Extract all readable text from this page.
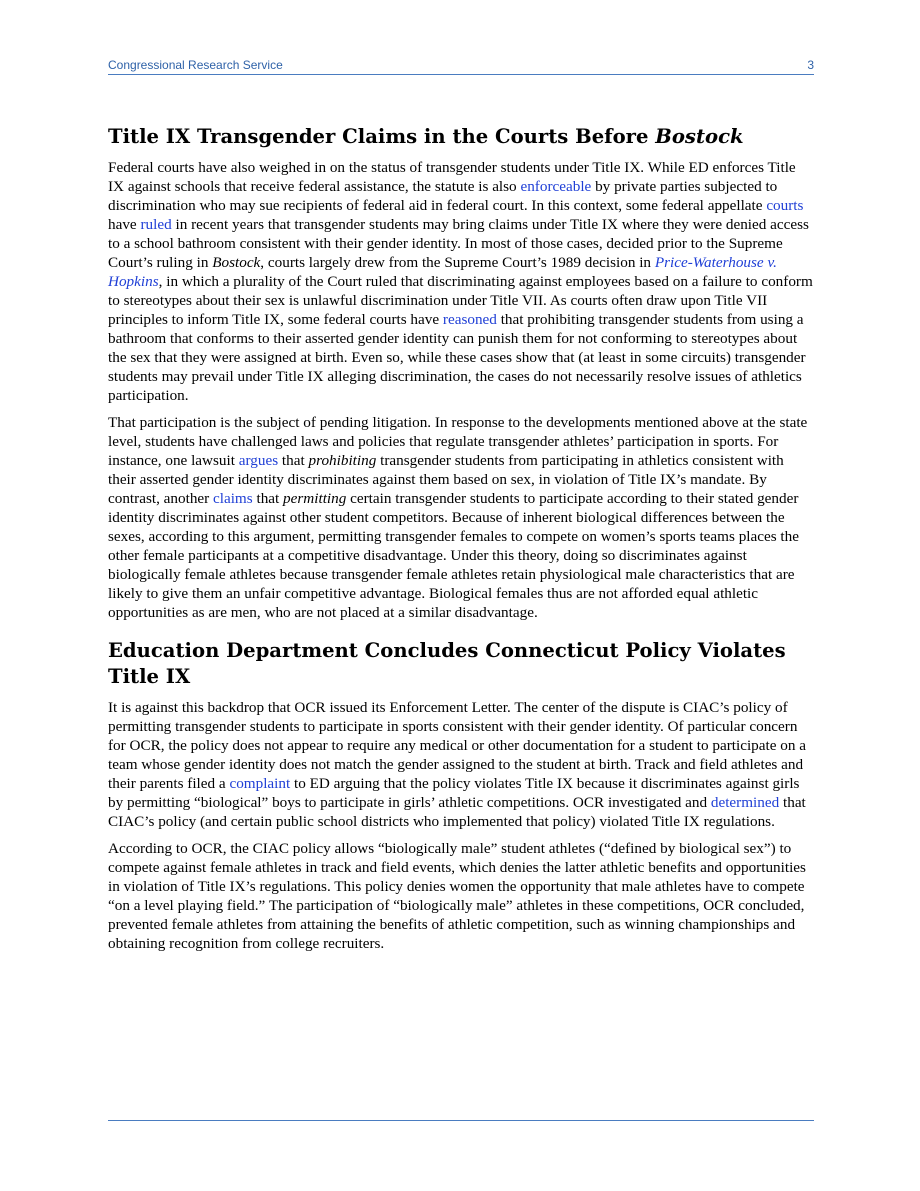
Congressional Research Service	3
Title IX Transgender Claims in the Courts Before Bostock

Federal courts have also weighed in on the status of transgender students under Title IX. While ED enforces Title IX against schools that receive federal assistance, the statute is also enforceable by private parties subjected to discrimination who may sue recipients of federal aid in federal court. In this context, some federal appellate courts have ruled in recent years that transgender students may bring claims under Title IX where they were denied access to a school bathroom consistent with their gender identity. In most of those cases, decided prior to the Supreme Court’s ruling in Bostock, courts largely drew from the Supreme Court’s 1989 decision in Price-Waterhouse v. Hopkins, in which a plurality of the Court ruled that discriminating against employees based on a failure to conform to stereotypes about their sex is unlawful discrimination under Title VII. As courts often draw upon Title VII principles to inform Title IX, some federal courts have reasoned that prohibiting transgender students from using a bathroom that conforms to their asserted gender identity can punish them for not conforming to stereotypes about the sex that they were assigned at birth. Even so, while these cases show that (at least in some circuits) transgender students may prevail under Title IX alleging discrimination, the cases do not necessarily resolve issues of athletics participation.

That participation is the subject of pending litigation. In response to the developments mentioned above at the state level, students have challenged laws and policies that regulate transgender athletes’ participation in sports. For instance, one lawsuit argues that prohibiting transgender students from participating in athletics consistent with their asserted gender identity discriminates against them based on sex, in violation of Title IX’s mandate. By contrast, another claims that permitting certain transgender students to participate according to their stated gender identity discriminates against other student competitors. Because of inherent biological differences between the sexes, according to this argument, permitting transgender females to compete on women’s sports teams places the other female participants at a competitive disadvantage. Under this theory, doing so discriminates against biologically female athletes because transgender female athletes retain physiological male characteristics that are likely to give them an unfair competitive advantage. Biological females thus are not afforded equal athletic opportunities as are men, who are not placed at a similar disadvantage.

Education Department Concludes Connecticut Policy Violates Title IX

It is against this backdrop that OCR issued its Enforcement Letter. The center of the dispute is CIAC’s policy of permitting transgender students to participate in sports consistent with their gender identity. Of particular concern for OCR, the policy does not appear to require any medical or other documentation for a student to participate on a team whose gender identity does not match the gender assigned to the student at birth. Track and field athletes and their parents filed a complaint to ED arguing that the policy violates Title IX because it discriminates against girls by permitting “biological” boys to participate in girls’ athletic competitions. OCR investigated and determined that CIAC’s policy (and certain public school districts who implemented that policy) violated Title IX regulations.

According to OCR, the CIAC policy allows “biologically male” student athletes (“defined by biological sex”) to compete against female athletes in track and field events, which denies the latter athletic benefits and opportunities in violation of Title IX’s regulations. This policy denies women the opportunity that male athletes have to compete “on a level playing field.” The participation of “biologically male” athletes in these competitions, OCR concluded, prevented female athletes from attaining the benefits of athletic competition, such as winning championships and obtaining recognition from college recruiters.
